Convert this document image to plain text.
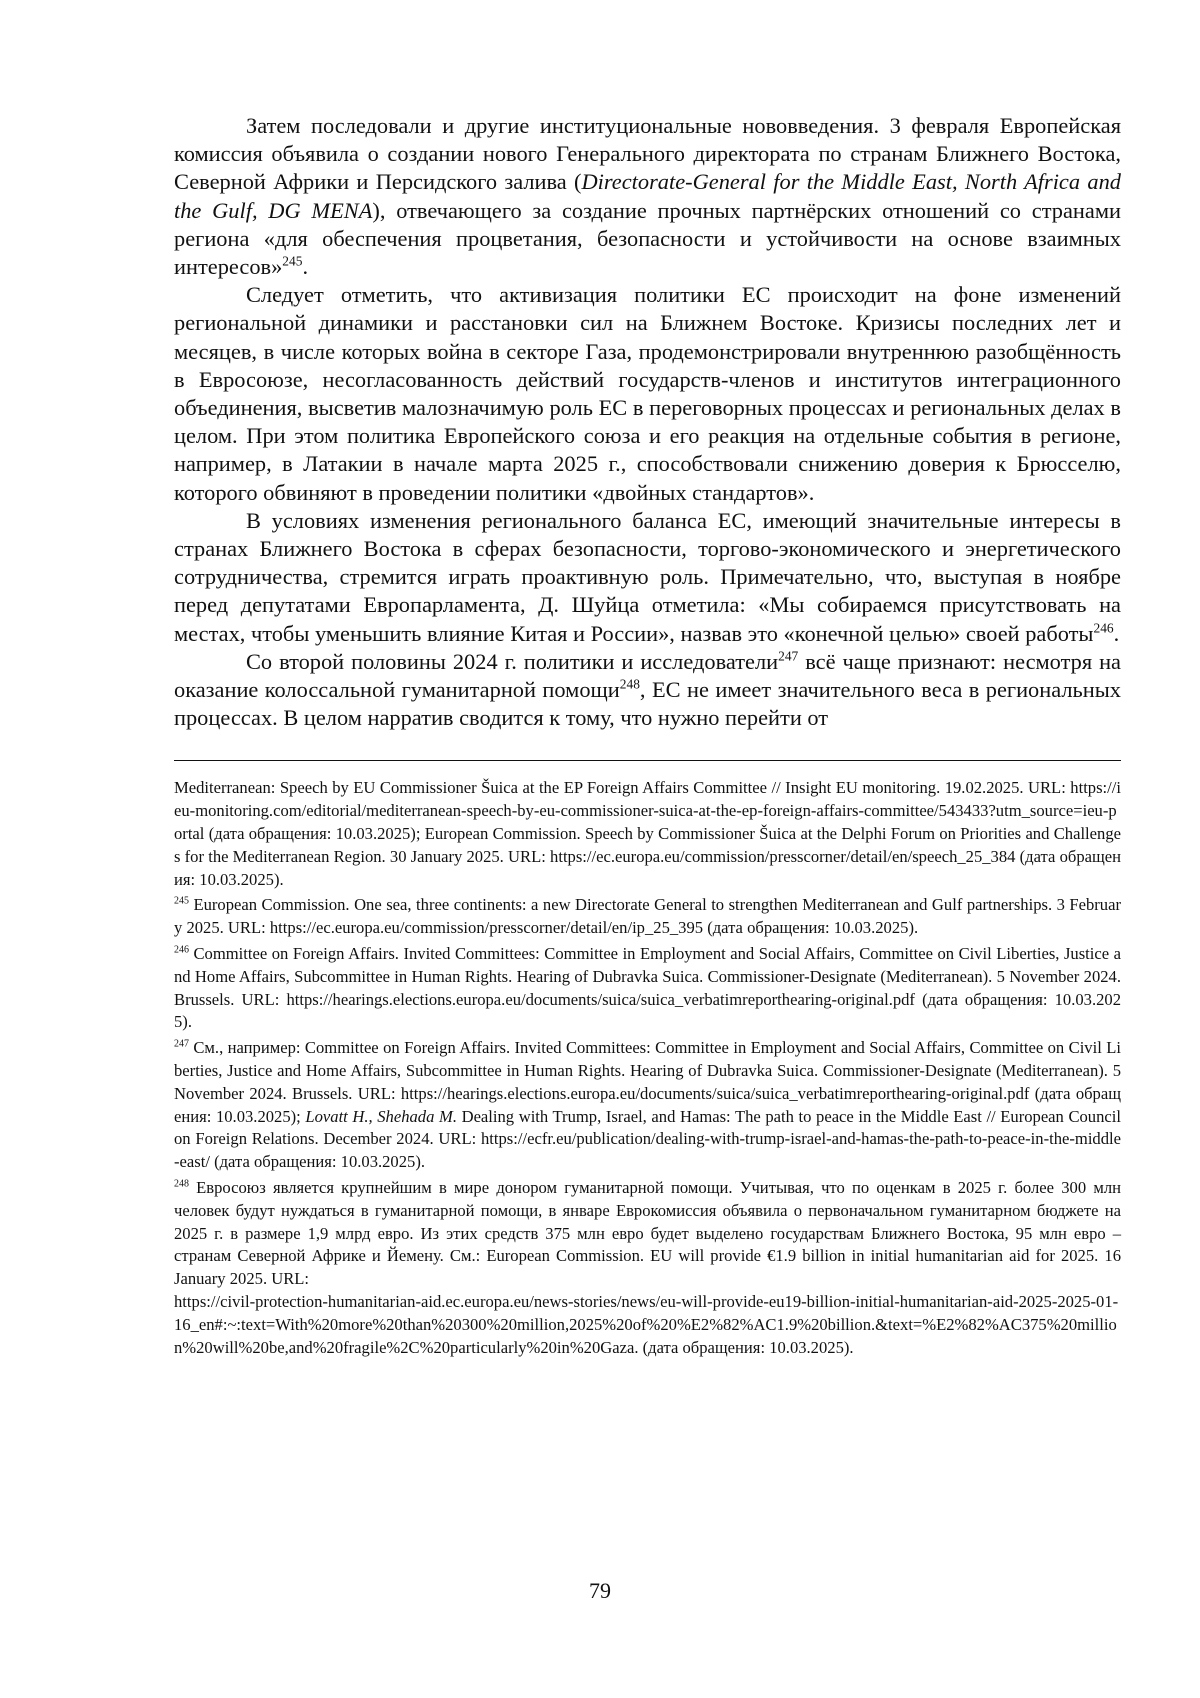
Затем последовали и другие институциональные нововведения. 3 февраля Европейская комиссия объявила о создании нового Генерального директората по странам Ближнего Востока, Северной Африки и Персидского залива (Directorate-General for the Middle East, North Africa and the Gulf, DG MENA), отвечающего за создание прочных партнёрских отношений со странами региона «для обеспечения процветания, безопасности и устойчивости на основе взаимных интересов»$^{245}$.

Следует отметить, что активизация политики ЕС происходит на фоне изменений региональной динамики и расстановки сил на Ближнем Востоке. Кризисы последних лет и месяцев, в числе которых война в секторе Газа, продемонстрировали внутреннюю разобщённость в Евросоюзе, несогласованность действий государств-членов и институтов интеграционного объединения, высветив малозначимую роль ЕС в переговорных процессах и региональных делах в целом. При этом политика Европейского союза и его реакция на отдельные события в регионе, например, в Латакии в начале марта 2025 г., способствовали снижению доверия к Брюсселю, которого обвиняют в проведении политики «двойных стандартов».

В условиях изменения регионального баланса ЕС, имеющий значительные интересы в странах Ближнего Востока в сферах безопасности, торгово-экономического и энергетического сотрудничества, стремится играть проактивную роль. Примечательно, что, выступая в ноябре перед депутатами Европарламента, Д. Шуйца отметила: «Мы собираемся присутствовать на местах, чтобы уменьшить влияние Китая и России», назвав это «конечной целью» своей работы$^{246}$.

Со второй половины 2024 г. политики и исследователи$^{247}$ всё чаще признают: несмотря на оказание колоссальной гуманитарной помощи$^{248}$, ЕС не имеет значительного веса в региональных процессах. В целом нарратив сводится к тому, что нужно перейти от

Mediterranean: Speech by EU Commissioner Šuica at the EP Foreign Affairs Committee // Insight EU monitoring. 19.02.2025. URL: https://ieu-monitoring.com/editorial/mediterranean-speech-by-eu-commissioner-suica-at-the-ep-foreign-affairs-committee/543433?utm_source=ieu-portal (дата обращения: 10.03.2025); European Commission. Speech by Commissioner Šuica at the Delphi Forum on Priorities and Challenges for the Mediterranean Region. 30 January 2025. URL: https://ec.europa.eu/commission/presscorner/detail/en/speech_25_384 (дата обращения: 10.03.2025).
$^{245}$ European Commission. One sea, three continents: a new Directorate General to strengthen Mediterranean and Gulf partnerships. 3 February 2025. URL: https://ec.europa.eu/commission/presscorner/detail/en/ip_25_395 (дата обращения: 10.03.2025).
$^{246}$ Committee on Foreign Affairs. Invited Committees: Committee in Employment and Social Affairs, Committee on Civil Liberties, Justice and Home Affairs, Subcommittee in Human Rights. Hearing of Dubravka Suica. Commissioner-Designate (Mediterranean). 5 November 2024. Brussels. URL: https://hearings.elections.europa.eu/documents/suica/suica_verbatimreporthearing-original.pdf (дата обращения: 10.03.2025).
$^{247}$ См., например: Committee on Foreign Affairs. Invited Committees: Committee in Employment and Social Affairs, Committee on Civil Liberties, Justice and Home Affairs, Subcommittee in Human Rights. Hearing of Dubravka Suica. Commissioner-Designate (Mediterranean). 5 November 2024. Brussels. URL: https://hearings.elections.europa.eu/documents/suica/suica_verbatimreporthearing-original.pdf (дата обращения: 10.03.2025); Lovatt H., Shehada M. Dealing with Trump, Israel, and Hamas: The path to peace in the Middle East // European Council on Foreign Relations. December 2024. URL: https://ecfr.eu/publication/dealing-with-trump-israel-and-hamas-the-path-to-peace-in-the-middle-east/ (дата обращения: 10.03.2025).
$^{248}$ Евросоюз является крупнейшим в мире донором гуманитарной помощи. Учитывая, что по оценкам в 2025 г. более 300 млн человек будут нуждаться в гуманитарной помощи, в январе Еврокомиссия объявила о первоначальном гуманитарном бюджете на 2025 г. в размере 1,9 млрд евро. Из этих средств 375 млн евро будет выделено государствам Ближнего Востока, 95 млн евро – странам Северной Африке и Йемену. См.: European Commission. EU will provide €1.9 billion in initial humanitarian aid for 2025. 16 January 2025. URL:
https://civil-protection-humanitarian-aid.ec.europa.eu/news-stories/news/eu-will-provide-eu19-billion-initial-humanitarian-aid-2025-2025-01-
16_en#:~:text=With%20more%20than%20300%20million,2025%20of%20%E2%82%AC1.9%20billion.&text=%E2%82%AC375%20million%20will%20be,and%20fragile%2C%20particularly%20in%20Gaza. (дата обращения: 10.03.2025).
79
